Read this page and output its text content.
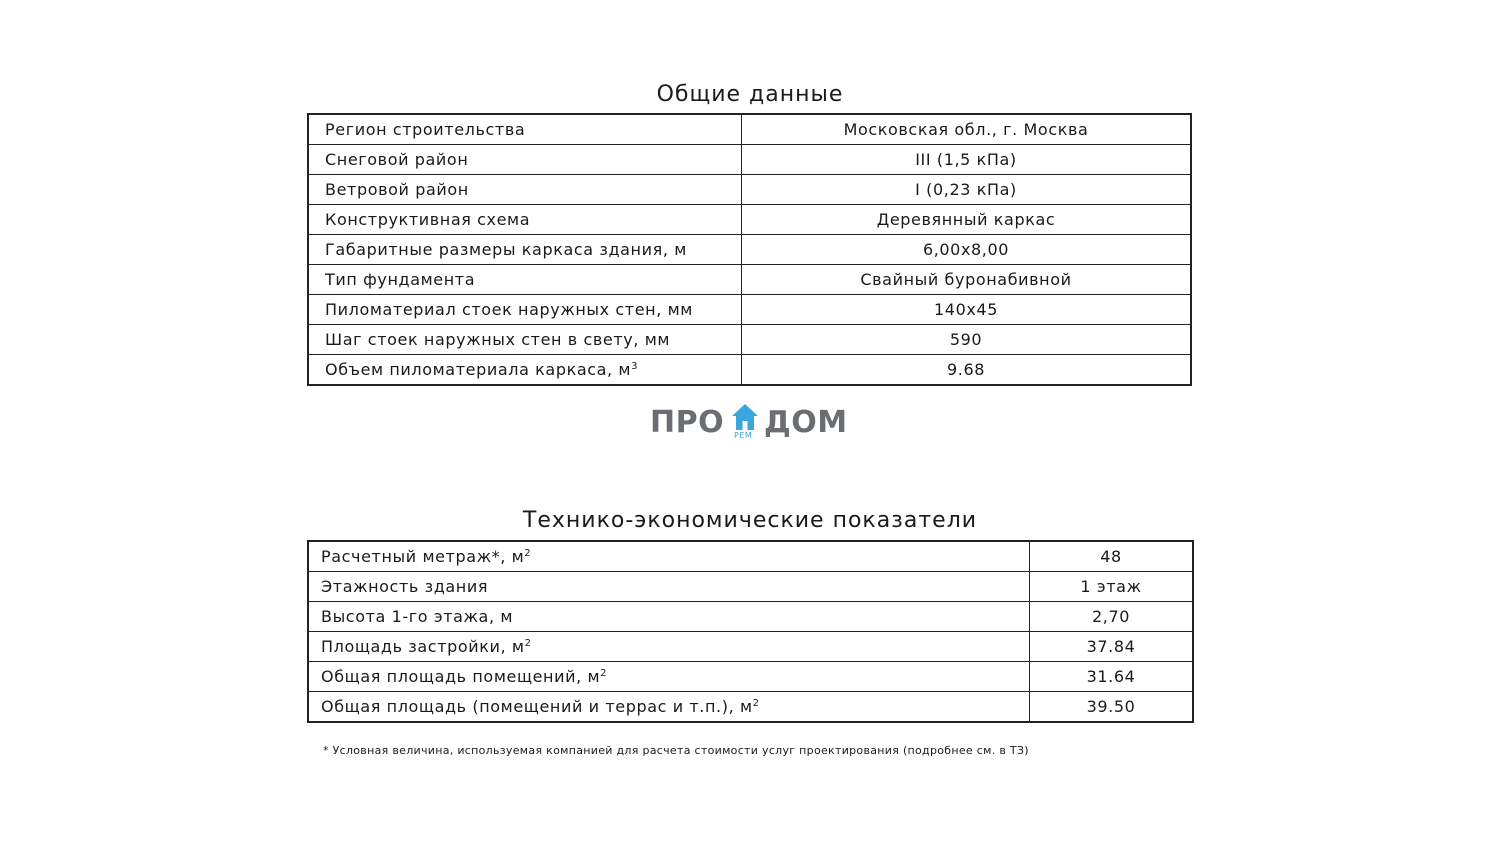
Общие данные
Регион строительства	Московская обл., г. Москва
Снеговой район	III (1,5 кПа)
Ветровой район	I (0,23 кПа)
Конструктивная схема	Деревянный каркас
Габаритные размеры каркаса здания, м	6,00x8,00
Тип фундамента	Свайный буронабивной
Пиломатериал стоек наружных стен, мм	140x45
Шаг стоек наружных стен в свету, мм	590
Объем пиломатериала каркаса, $м^3$	9.68
ПРО РЕМ ДОМ
Технико-экономические показатели
Расчетный метраж*, $м^2$	48
Этажность здания	1 этаж
Высота 1-го этажа, м	2,70
Площадь застройки, $м^2$	37.84
Общая площадь помещений, $м^2$	31.64
Общая площадь (помещений и террас и т.п.), $м^2$	39.50
* Условная величина, используемая компанией для расчета стоимости услуг проектирования (подробнее см. в ТЗ)
